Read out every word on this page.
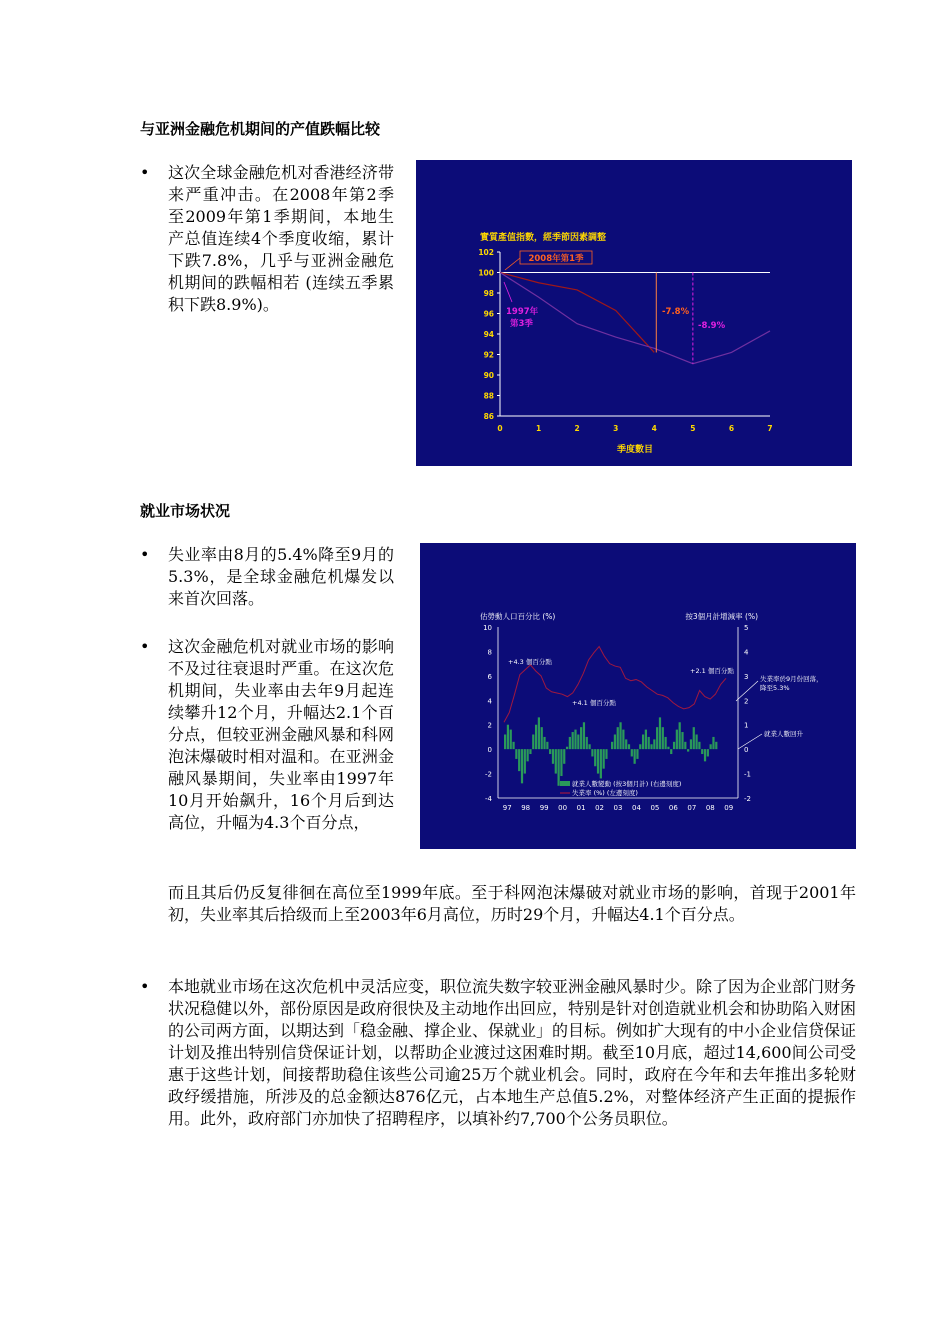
与亚洲金融危机期间的产值跌幅比较
• 这次全球金融危机对香港经济带来严重冲击。在2008年第2季至2009年第1季期间，本地生产总值连续4个季度收缩，累计下跌7.8%，几乎与亚洲金融危机期间的跌幅相若 (连续五季累积下跌8.9%)。
實質產值指數，經季節因素調整
季度數目
86
88
90
92
94
96
98
100
102
0	1	2	3	4	5	6	7
2008年第1季
1997年
第3季
-7.8%
-8.9%
就业市场状况
• 失业率由8月的5.4%降至9月的5.3%，是全球金融危机爆发以来首次回落。
• 这次金融危机对就业市场的影响不及过往衰退时严重。在这次危机期间，失业率由去年9月起连续攀升12个月，升幅达2.1个百分点，但较亚洲金融风暴和科网泡沫爆破时相对温和。在亚洲金融风暴期间，失业率由1997年10月开始飙升，16个月后到达高位，升幅为4.3个百分点，
而且其后仍反复徘徊在高位至1999年底。至于科网泡沫爆破对就业市场的影响，首现于2001年初，失业率其后拾级而上至2003年6月高位，历时29个月，升幅达4.1个百分点。
估勞動人口百分比 (%)	按3個月計增減率 (%)
-4
-2
0
2
4
6
8
10
-2
-1
0
1
2
3
4
5
97 98 99 00 01 02 03 04 05 06 07 08 09
就業人數變動 (按3個月計) (右邊刻度)
失業率 (%) (左邊刻度)
+4.3 個百分點
+4.1 個百分點
+2.1 個百分點
失業率於9月份回落，
降至5.3%
就業人數回升
• 本地就业市场在这次危机中灵活应变，职位流失数字较亚洲金融风暴时少。除了因为企业部门财务状况稳健以外，部份原因是政府很快及主动地作出回应，特别是针对创造就业机会和协助陷入财困的公司两方面，以期达到「稳金融、撑企业、保就业」的目标。例如扩大现有的中小企业信贷保证计划及推出特别信贷保证计划，以帮助企业渡过这困难时期。截至10月底，超过14,600间公司受惠于这些计划，间接帮助稳住该些公司逾25万个就业机会。同时，政府在今年和去年推出多轮财政纾缓措施，所涉及的总金额达876亿元，占本地生产总值5.2%，对整体经济产生正面的提振作用。此外，政府部门亦加快了招聘程序，以填补约7,700个公务员职位。
